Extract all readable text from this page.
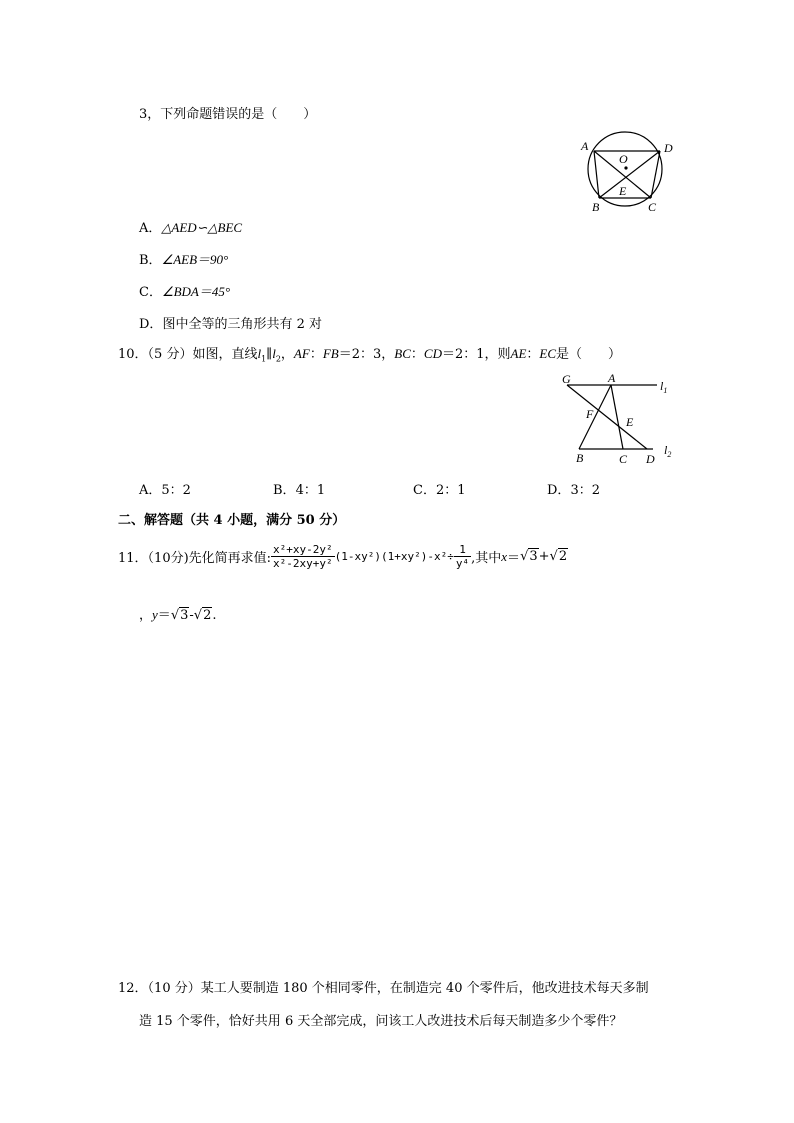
3，下列命题错误的是（　　）
A	D
O
E
B	C
A．△AED∽△BEC
B．∠AEB＝90°
C．∠BDA＝45°
D．图中全等的三角形共有 2 对
10．（5 分）如图，直线$l_1\parallel l_2$，AF：FB＝2：3，BC：CD＝2：1，则AE：EC是（　　）
G	A
$l_1$
F
E
B	C D
$l_2$
A．5：2	B．4：1	C．2：1	D．3：2
二、解答题（共 4 小题，满分 50 分）
11．（10分)先化简再求值: $\frac{\text{x²+xy-2y²}}{\text{x²-2xy+y²}} (1-xy^2)(1+xy^2)-x^2\div \frac{1}{\text{y⁴}}$ ,其中 x ＝ √ 3 + √ 2
，y＝√3-√2.
12．（10 分）某工人要制造 180 个相同零件，在制造完 40 个零件后，他改进技术每天多制
造 15 个零件，恰好共用 6 天全部完成，问该工人改进技术后每天制造多少个零件？
